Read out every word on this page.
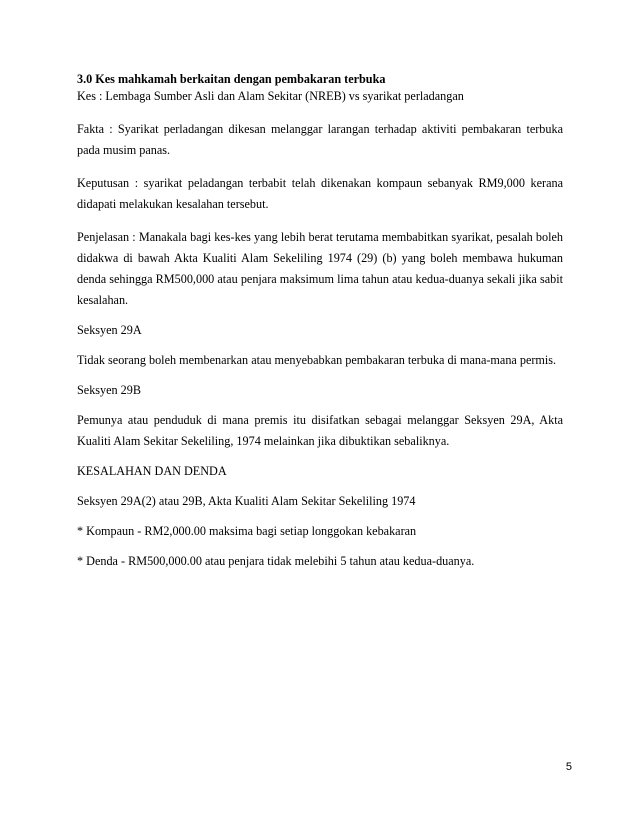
3.0 Kes mahkamah berkaitan dengan pembakaran terbuka

Kes : Lembaga Sumber Asli dan Alam Sekitar (NREB) vs syarikat perladangan

Fakta : Syarikat perladangan dikesan melanggar larangan terhadap aktiviti pembakaran terbuka pada musim panas.

Keputusan : syarikat peladangan terbabit telah dikenakan kompaun sebanyak RM9,000 kerana didapati melakukan kesalahan tersebut.

Penjelasan : Manakala bagi kes-kes yang lebih berat terutama membabitkan syarikat, pesalah boleh didakwa di bawah Akta Kualiti Alam Sekeliling 1974 (29) (b) yang boleh membawa hukuman denda sehingga RM500,000 atau penjara maksimum lima tahun atau kedua-duanya sekali jika sabit kesalahan.

Seksyen 29A

Tidak seorang boleh membenarkan atau menyebabkan pembakaran terbuka di mana-mana permis.

Seksyen 29B

Pemunya atau penduduk di mana premis itu disifatkan sebagai melanggar Seksyen 29A, Akta Kualiti Alam Sekitar Sekeliling, 1974 melainkan jika dibuktikan sebaliknya.

KESALAHAN DAN DENDA

Seksyen 29A(2) atau 29B, Akta Kualiti Alam Sekitar Sekeliling 1974

* Kompaun - RM2,000.00 maksima bagi setiap longgokan kebakaran

* Denda - RM500,000.00 atau penjara tidak melebihi 5 tahun atau kedua-duanya.

5
